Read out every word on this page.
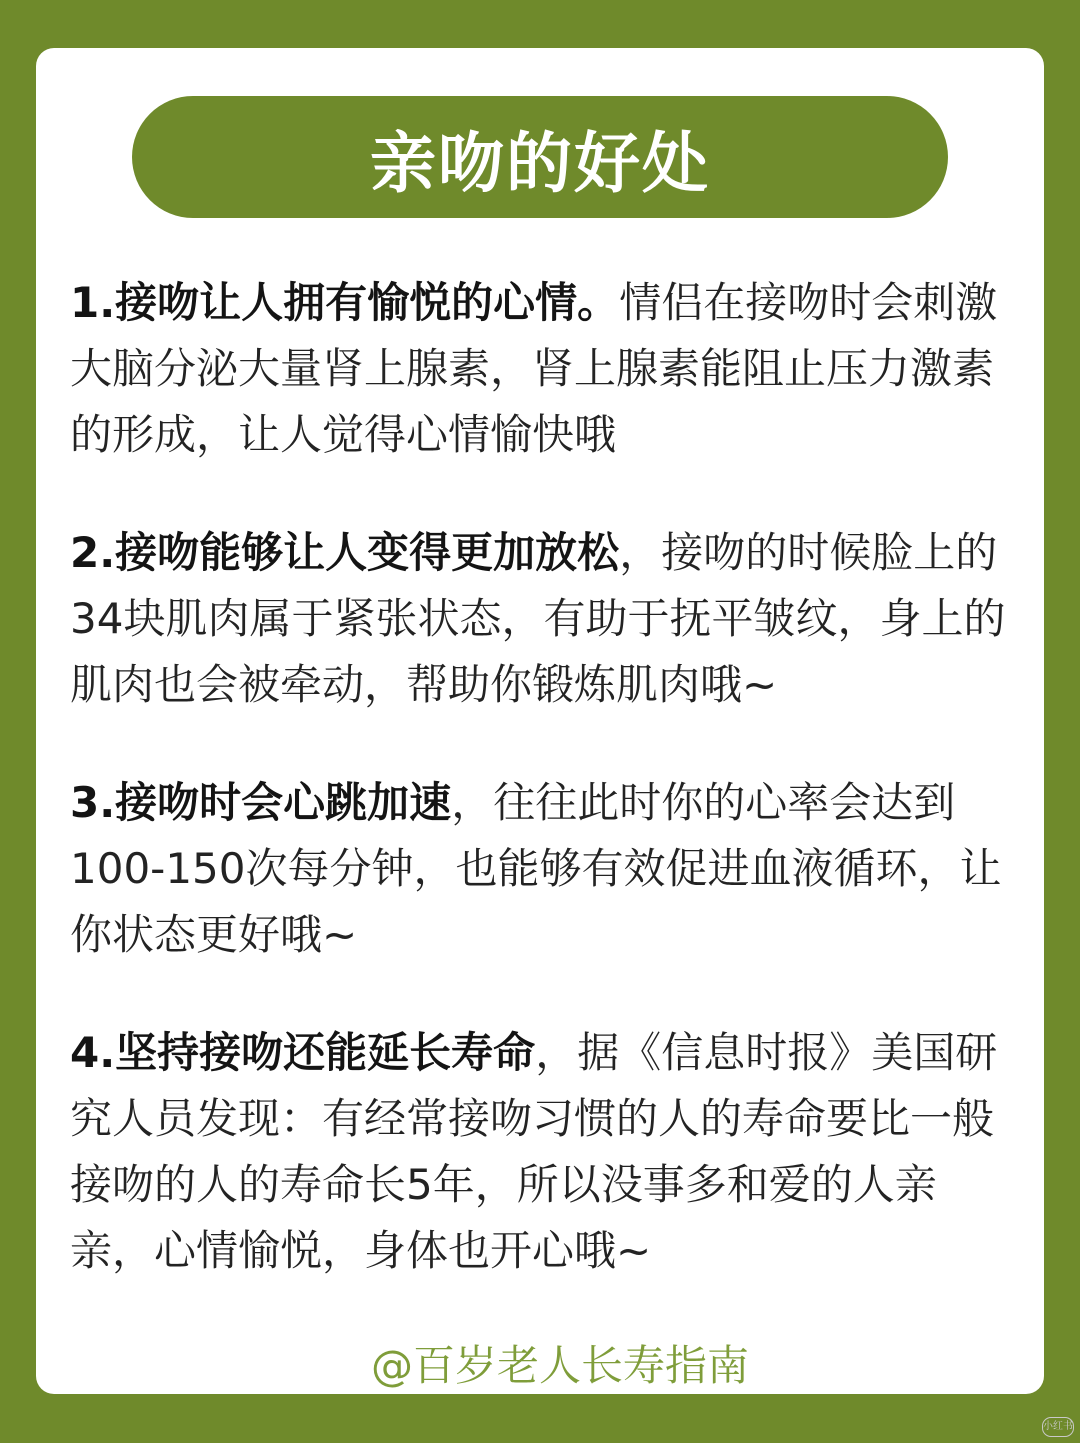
亲吻的好处

1.接吻让人拥有愉悦的心情。情侣在接吻时会刺激大脑分泌大量肾上腺素，肾上腺素能阻止压力激素的形成，让人觉得心情愉快哦

2.接吻能够让人变得更加放松，接吻的时候脸上的34块肌肉属于紧张状态，有助于抚平皱纹，身上的肌肉也会被牵动，帮助你锻炼肌肉哦~

3.接吻时会心跳加速，往往此时你的心率会达到100-150次每分钟，也能够有效促进血液循环，让你状态更好哦~

4.坚持接吻还能延长寿命，据《信息时报》美国研究人员发现：有经常接吻习惯的人的寿命要比一般接吻的人的寿命长5年，所以没事多和爱的人亲亲，心情愉悦，身体也开心哦~

@百岁老人长寿指南
小红书
